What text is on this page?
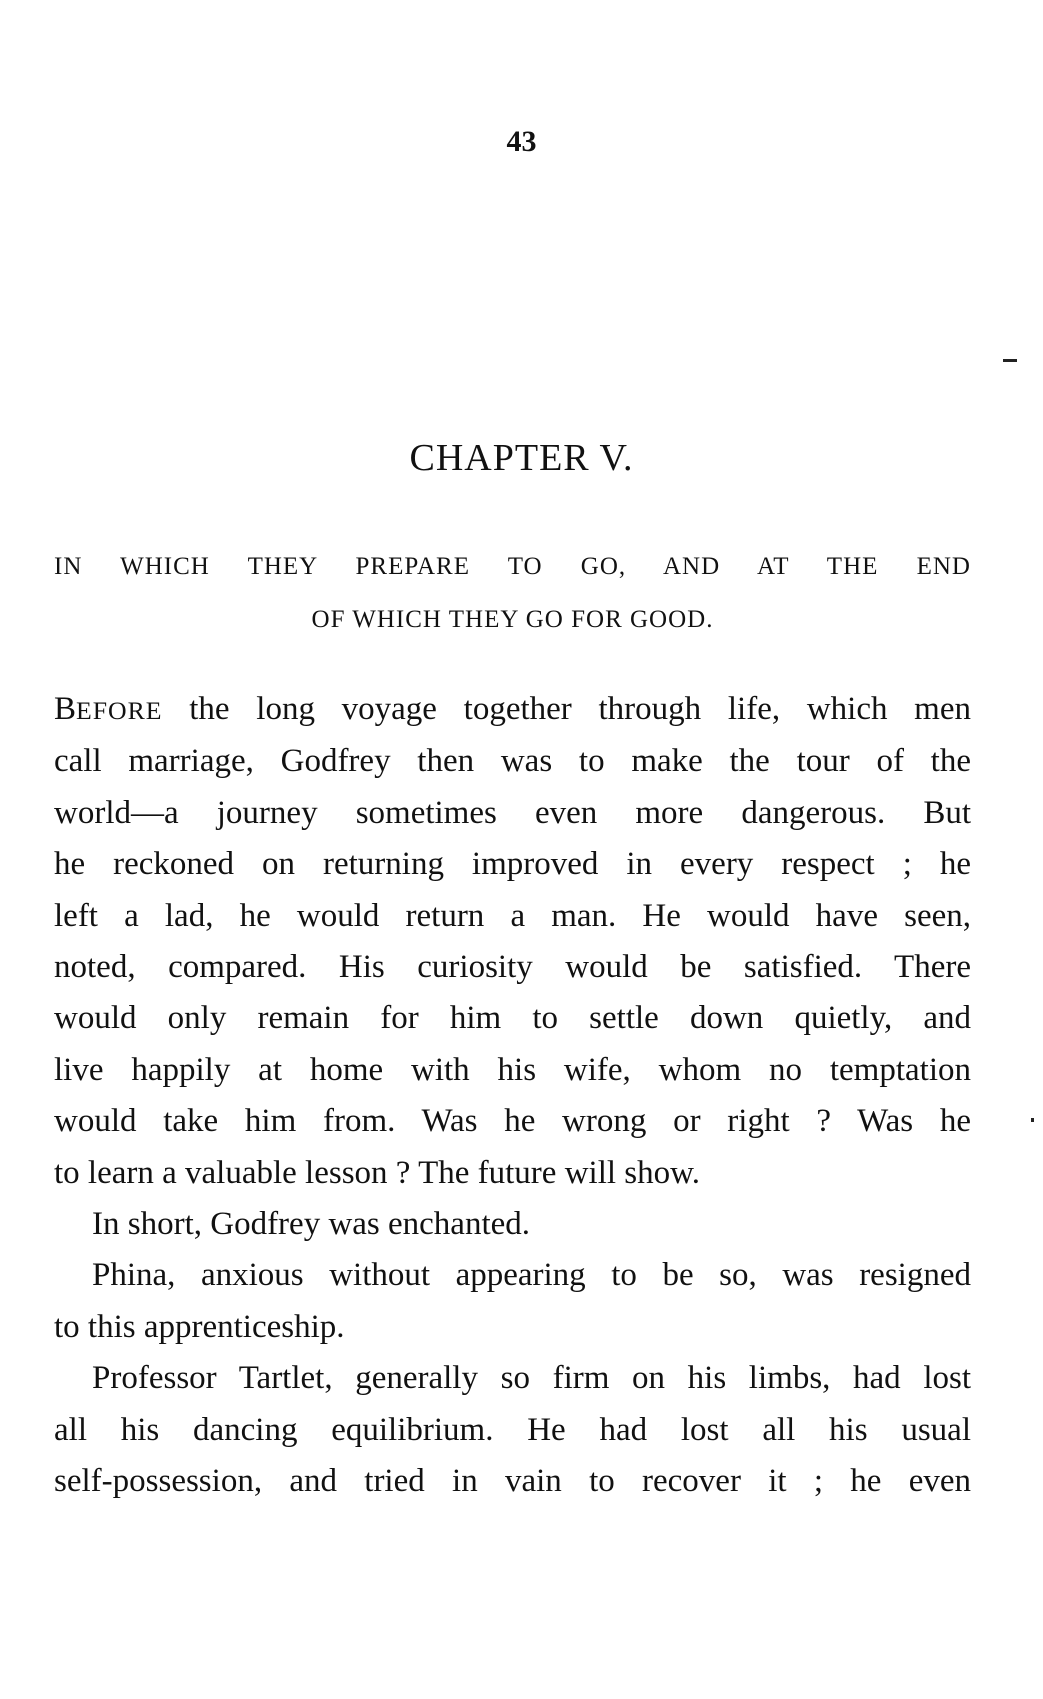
43
CHAPTER V.
IN WHICH THEY PREPARE TO GO, AND AT THE END
OF WHICH THEY GO FOR GOOD.
BEFORE the long voyage together through life, which men
call marriage, Godfrey then was to make the tour of the
world—a journey sometimes even more dangerous. But
he reckoned on returning improved in every respect ; he
left a lad, he would return a man. He would have seen,
noted, compared. His curiosity would be satisfied. There
would only remain for him to settle down quietly, and
live happily at home with his wife, whom no temptation
would take him from. Was he wrong or right ? Was he
to learn a valuable lesson ? The future will show.
In short, Godfrey was enchanted.
Phina, anxious without appearing to be so, was resigned
to this apprenticeship.
Professor Tartlet, generally so firm on his limbs, had lost
all his dancing equilibrium. He had lost all his usual
self-possession, and tried in vain to recover it ; he even
